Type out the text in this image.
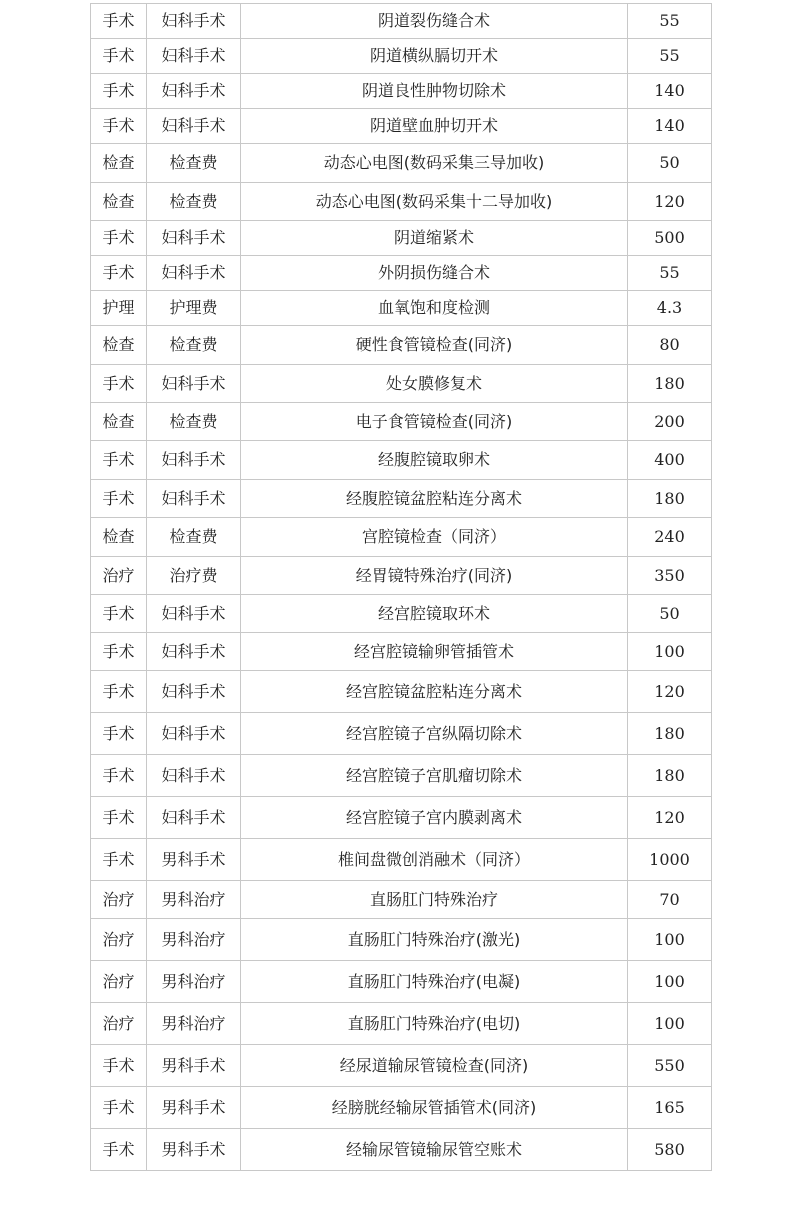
手术	妇科手术	阴道裂伤缝合术	55
手术	妇科手术	阴道横纵膈切开术	55
手术	妇科手术	阴道良性肿物切除术	140
手术	妇科手术	阴道壁血肿切开术	140
检查	检查费	动态心电图(数码采集三导加收)	50
检查	检查费	动态心电图(数码采集十二导加收)	120
手术	妇科手术	阴道缩紧术	500
手术	妇科手术	外阴损伤缝合术	55
护理	护理费	血氧饱和度检测	4.3
检查	检查费	硬性食管镜检查(同济)	80
手术	妇科手术	处女膜修复术	180
检查	检查费	电子食管镜检查(同济)	200
手术	妇科手术	经腹腔镜取卵术	400
手术	妇科手术	经腹腔镜盆腔粘连分离术	180
检查	检查费	宫腔镜检查（同济）	240
治疗	治疗费	经胃镜特殊治疗(同济)	350
手术	妇科手术	经宫腔镜取环术	50
手术	妇科手术	经宫腔镜输卵管插管术	100
手术	妇科手术	经宫腔镜盆腔粘连分离术	120
手术	妇科手术	经宫腔镜子宫纵隔切除术	180
手术	妇科手术	经宫腔镜子宫肌瘤切除术	180
手术	妇科手术	经宫腔镜子宫内膜剥离术	120
手术	男科手术	椎间盘微创消融术（同济）	1000
治疗	男科治疗	直肠肛门特殊治疗	70
治疗	男科治疗	直肠肛门特殊治疗(激光)	100
治疗	男科治疗	直肠肛门特殊治疗(电凝)	100
治疗	男科治疗	直肠肛门特殊治疗(电切)	100
手术	男科手术	经尿道输尿管镜检查(同济)	550
手术	男科手术	经膀胱经输尿管插管术(同济)	165
手术	男科手术	经输尿管镜输尿管空账术	580
